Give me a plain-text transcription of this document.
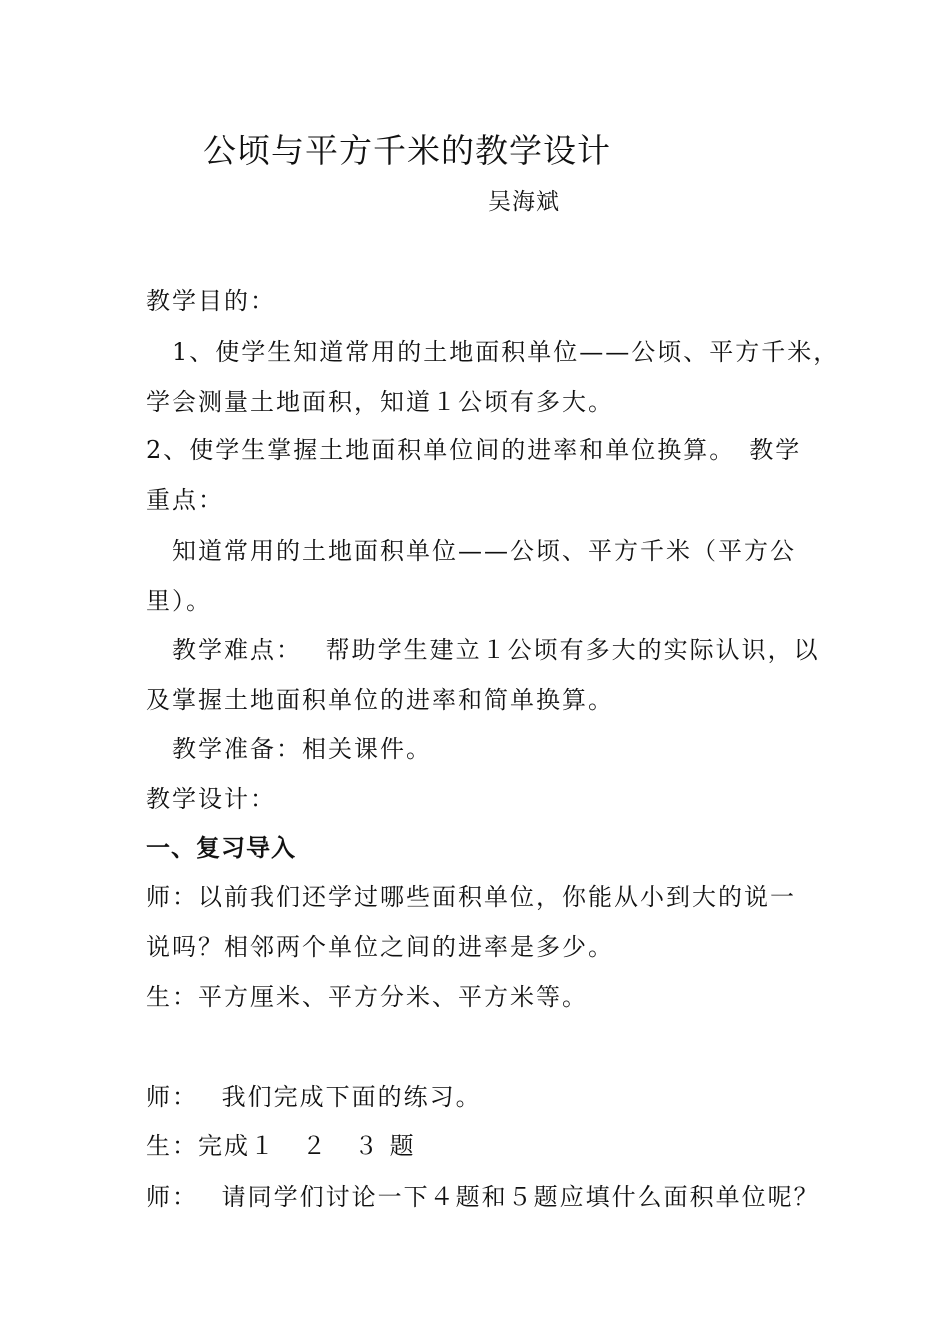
公顷与平方千米的教学设计
吴海斌
教学目的：
1、使学生知道常用的土地面积单位——公顷、平方千米，
学会测量土地面积，知道１公顷有多大。
2、使学生掌握土地面积单位间的进率和单位换算。　教学
重点：
知道常用的土地面积单位——公顷、平方千米（平方公
里）。
教学难点：　 帮助学生建立１公顷有多大的实际认识，以
及掌握土地面积单位的进率和简单换算。
教学准备：相关课件。
教学设计：
一、复习导入
师：以前我们还学过哪些面积单位，你能从小到大的说一
说吗？相邻两个单位之间的进率是多少。
生：平方厘米、平方分米、平方米等。
师：　 我们完成下面的练习。
生：完成１　２　３ 题
师：　 请同学们讨论一下４题和５题应填什么面积单位呢？
